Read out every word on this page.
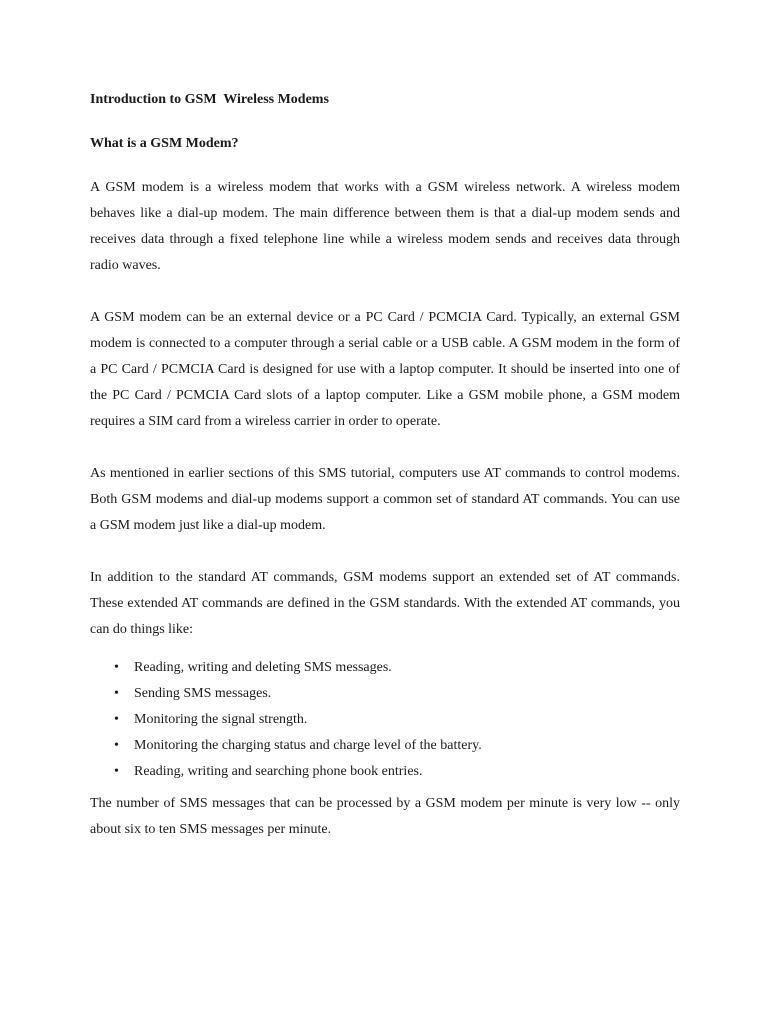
Introduction to GSM  Wireless Modems

What is a GSM Modem?

A GSM modem is a wireless modem that works with a GSM wireless network. A wireless modem behaves like a dial-up modem. The main difference between them is that a dial-up modem sends and receives data through a fixed telephone line while a wireless modem sends and receives data through radio waves.

A GSM modem can be an external device or a PC Card / PCMCIA Card. Typically, an external GSM modem is connected to a computer through a serial cable or a USB cable. A GSM modem in the form of a PC Card / PCMCIA Card is designed for use with a laptop computer. It should be inserted into one of the PC Card / PCMCIA Card slots of a laptop computer. Like a GSM mobile phone, a GSM modem requires a SIM card from a wireless carrier in order to operate.

As mentioned in earlier sections of this SMS tutorial, computers use AT commands to control modems. Both GSM modems and dial-up modems support a common set of standard AT commands. You can use a GSM modem just like a dial-up modem.

In addition to the standard AT commands, GSM modems support an extended set of AT commands. These extended AT commands are defined in the GSM standards. With the extended AT commands, you can do things like:

• Reading, writing and deleting SMS messages.
• Sending SMS messages.
• Monitoring the signal strength.
• Monitoring the charging status and charge level of the battery.
• Reading, writing and searching phone book entries.

The number of SMS messages that can be processed by a GSM modem per minute is very low -- only about six to ten SMS messages per minute.
